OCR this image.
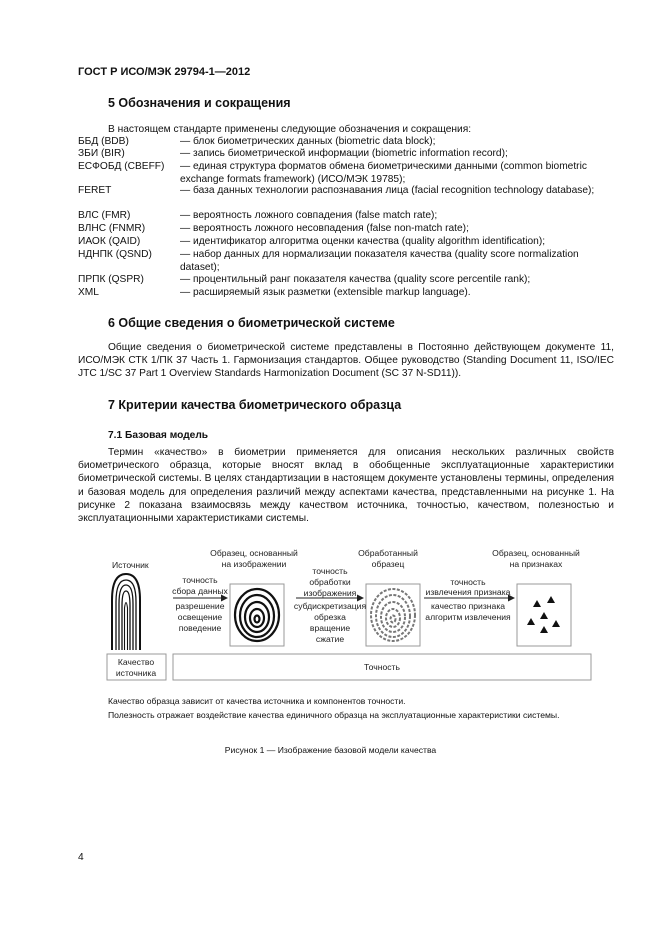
ГОСТ Р ИСО/МЭК 29794-1—2012
5 Обозначения и сокращения
В настоящем стандарте применены следующие обозначения и сокращения:
ББД (BDB)	— блок биометрических данных (biometric data block);
ЗБИ (BIR)	— запись биометрической информации (biometric information record);
ЕСФОБД (CBEFF) — единая структура форматов обмена биометрическими данными (common biometric exchange formats framework) (ИСО/МЭК 19785);
FERET	— база данных технологии распознавания лица (facial recognition technology database);
ВЛС (FMR)	— вероятность ложного совпадения (false match rate);
ВЛНС (FNMR)	— вероятность ложного несовпадения (false non-match rate);
ИАОК (QAID)	— идентификатор алгоритма оценки качества (quality algorithm identification);
НДНПК (QSND)	— набор данных для нормализации показателя качества (quality score normalization dataset);
ПРПК (QSPR)	— процентильный ранг показателя качества (quality score percentile rank);
XML	— расширяемый язык разметки (extensible markup language).
6 Общие сведения о биометрической системе
Общие сведения о биометрической системе представлены в Постоянно действующем документе 11, ИСО/МЭК СТК 1/ПК 37 Часть 1. Гармонизация стандартов. Общее руководство (Standing Document 11, ISO/IEC JTC 1/SC 37 Part 1 Overview Standards Harmonization Document (SC 37 N-SD11)).
7 Критерии качества биометрического образца
7.1 Базовая модель
Термин «качество» в биометрии применяется для описания нескольких различных свойств биометрического образца, которые вносят вклад в обобщенные эксплуатационные характеристики биометрической системы. В целях стандартизации в настоящем документе установлены термины, определения и базовая модель для определения различий между аспектами качества, представленными на рисунке 1. На рисунке 2 показана взаимосвязь между качеством источника, точностью, качеством, полезностью и эксплуатационными характеристиками системы.
Источник
Образец, основанный
на изображении
Обработанный
образец
Образец, основанный
на признаках
точность
сбора данных
разрешение
освещение
поведение
точность
обработки
изображения
субдискретизация
обрезка
вращение
сжатие
точность
извлечения признака
качество признака
алгоритм извлечения
Качество
источника
Точность
Качество образца зависит от качества источника и компонентов точности.
Полезность отражает воздействие качества единичного образца на эксплуатационные характеристики системы.
Рисунок 1 — Изображение базовой модели качества
4
